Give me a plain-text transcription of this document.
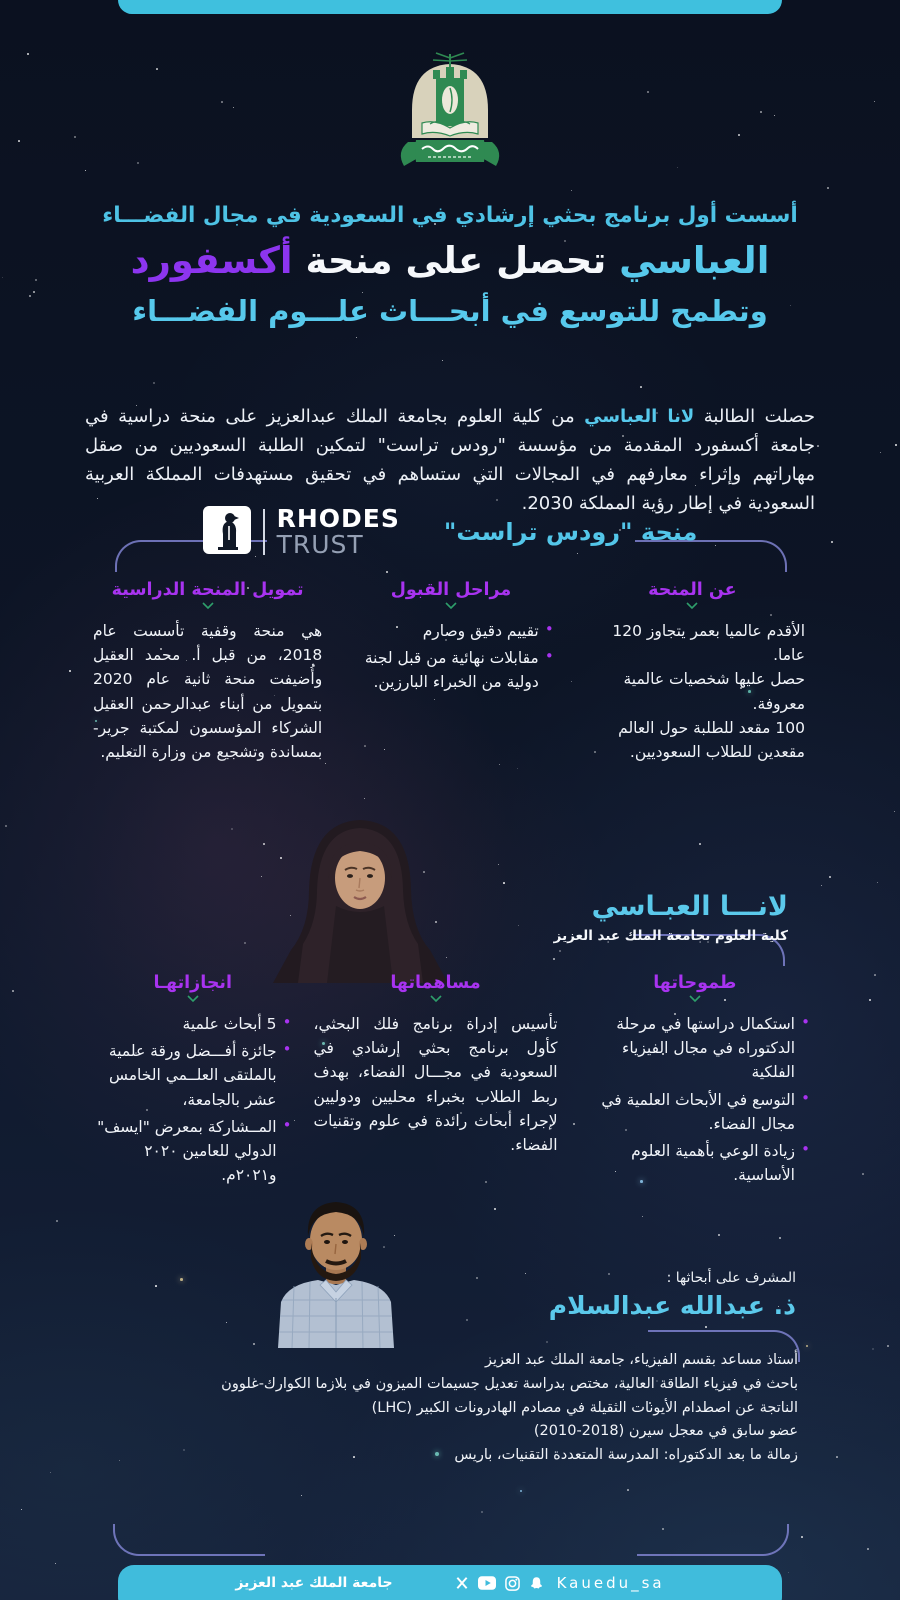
أسست أول برنامج بحثي إرشادي في السعودية في مجال الفضـــاء
العباسي تحصل على منحة أكسفورد
وتطمح للتوسع في أبحـــاث علـــوم الفضـــاء

حصلت الطالبة لانا العباسي من كلية العلوم بجامعة الملك عبدالعزيز على منحة دراسية في جامعة أكسفورد المقدمة من مؤسسة "رودس تراست" لتمكين الطلبة السعوديين من صقل مهاراتهم وإثراء معارفهم في المجالات التي ستساهم في تحقيق مستهدفات المملكة العربية السعودية في إطار رؤية المملكة 2030.

RHODES
TRUST	منحة "رودس تراست"
عن المنحة
الأقدم عالميا بعمر يتجاوز 120 عاما.
حصل عليها شخصيات عالمية معروفة.
100 مقعد للطلبة حول العالم مقعدين للطلاب السعوديين.
مراحل القبول
• تقييم دقيق وصارم
• مقابلات نهائية من قبل لجنة دولية من الخبراء البارزين.
تمويل المنحة الدراسية
هي منحة وقفية تأسست عام 2018، من قبل أ. محمد العقيل وأُضيفت منحة ثانية عام 2020 بتمويل من أبناء عبدالرحمن العقيل الشركاء المؤسسون لمكتبة جرير- بمساندة وتشجيع من وزارة التعليم.
لانـــا العبـاسي
كلية العلوم بجامعة الملك عبد العزيز
طموحاتها
• استكمال دراستها في مرحلة الدكتوراه في مجال الفيزياء الفلكية
• التوسع في الأبحاث العلمية في مجال الفضاء.
• زيادة الوعي بأهمية العلوم الأساسية.
مساهماتها
تأسيس إدراة برنامج فلك البحثي، كأول برنامج بحثي إرشادي في السعودية في مجـــال الفضاء، بهدف ربط الطلاب بخبراء محليين ودوليين لإجراء أبحاث رائدة في علوم وتقنيات الفضاء.
انجازاتهـا
• 5 أبحاث علمية
• جائزة أفـــضل ورقة علمية بالملتقى العلــمي الخامس عشر بالجامعة،
• المــشاركة بمعرض "ايسف" الدولي للعامين ٢٠٢٠ و٢٠٢١م.
المشرف على أبحاثها :
ذ. عبدالله عبدالسلام
أستاذ مساعد بقسم الفيزياء، جامعة الملك عبد العزيز
باحث في فيزياء الطاقة العالية، مختص بدراسة تعديل جسيمات الميزون في بلازما الكوارك-غلوون
الناتجة عن اصطدام الأيونات الثقيلة في مصادم الهادرونات الكبير (LHC)
عضو سابق في معجل سيرن (2018-2010)
زمالة ما بعد الدكتوراه: المدرسة المتعددة التقنيات، باريس
جامعة الملك عبد العزيز	Kauedu_sa
